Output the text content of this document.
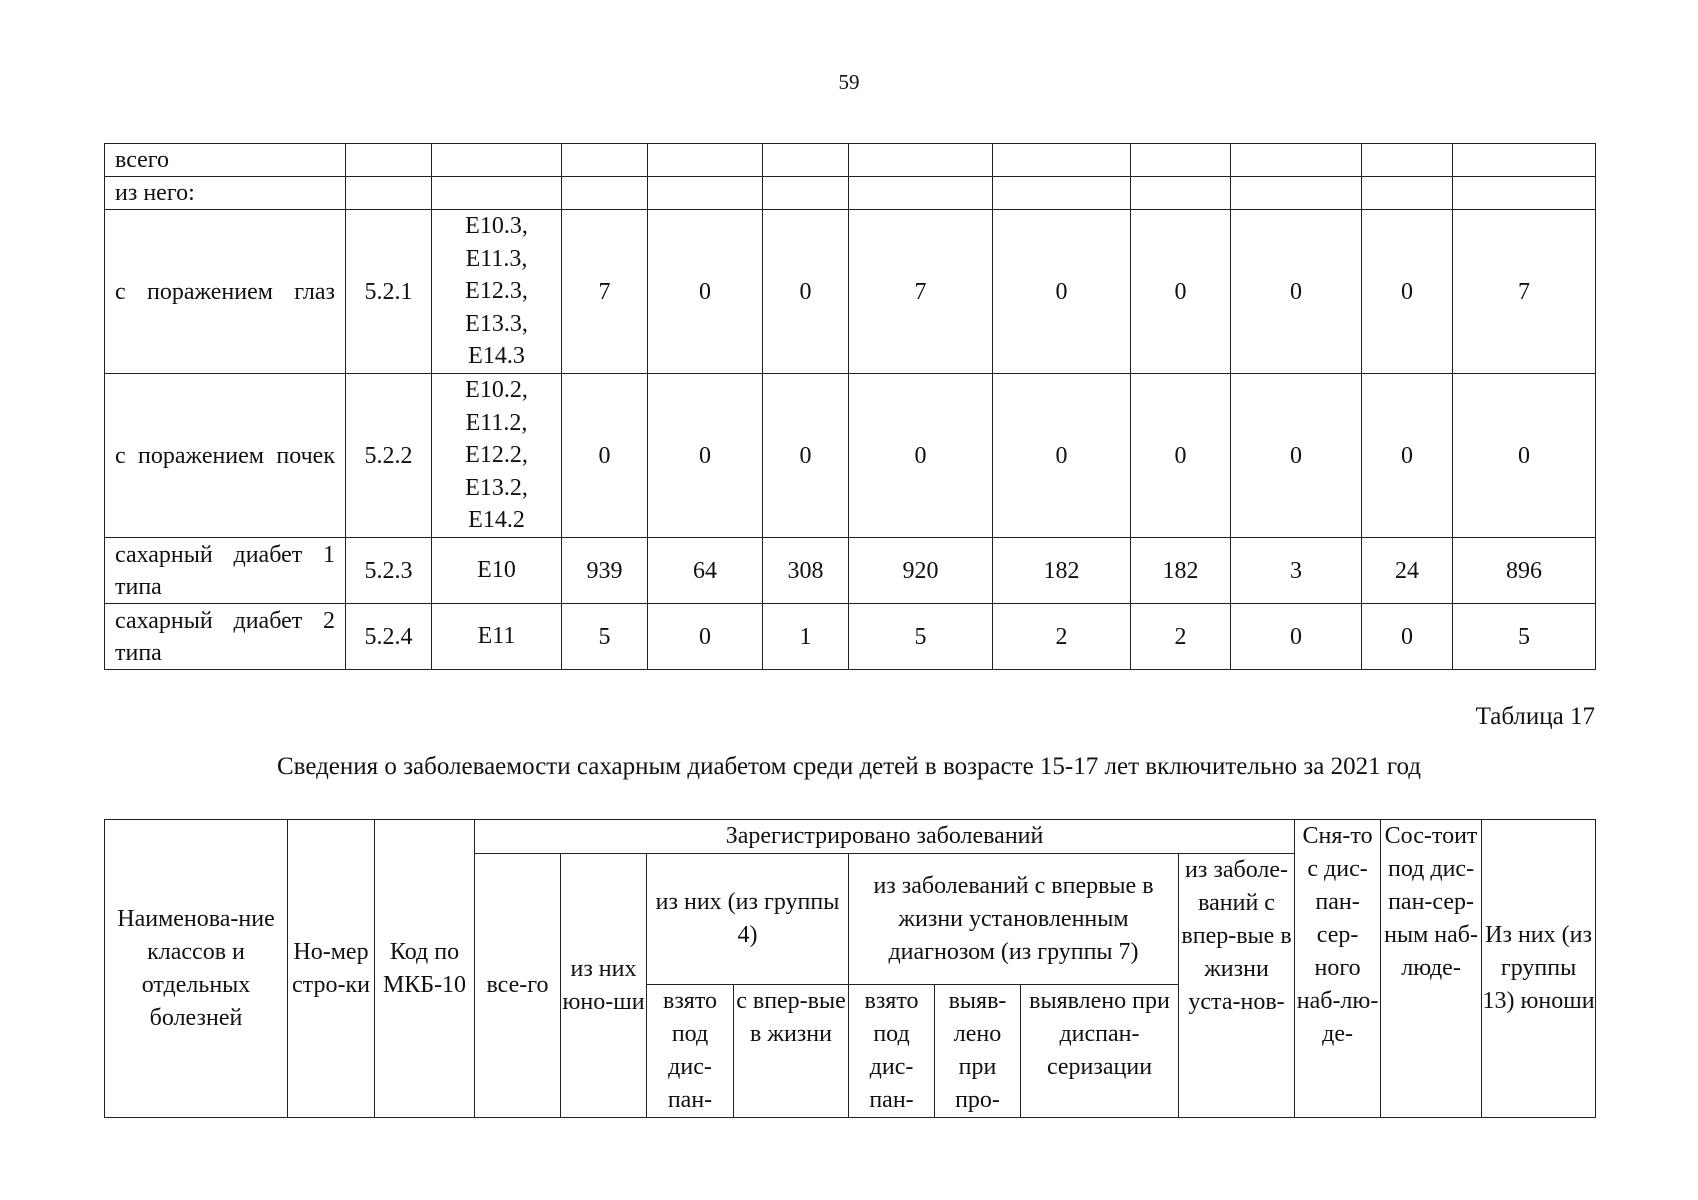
59
всего											
из него:											
с поражением глаз	5.2.1	E10.3,
E11.3,
E12.3,
E13.3,
E14.3	7	0	0	7	0	0	0	0	7
с поражением почек	5.2.2	E10.2,
E11.2,
E12.2,
E13.2,
E14.2	0	0	0	0	0	0	0	0	0
сахарный диабет 1 типа	5.2.3	E10	939	64	308	920	182	182	3	24	896
сахарный диабет 2 типа	5.2.4	E11	5	0	1	5	2	2	0	0	5
Таблица 17
Сведения о заболеваемости сахарным диабетом среди детей в возрасте 15-17 лет включительно за 2021 год
Наименова-ние классов и отдельных болезней	Но-мер стро-ки	Код по МКБ-10	Зарегистрировано заболеваний								Сня-то с дис-пан-сер-ного наб-лю-де-	Сос-тоит под дис-пан-сер-ным наб-люде-	Из них (из группы 13) юноши
			все-го	из них юно-ши	из них (из группы 4)		из заболеваний с впервые в жизни установленным диагнозом (из группы 7)			из заболе-ваний с впер-вые в жизни уста-нов-			
					взято под дис-пан-	с впер-вые в жизни	взято под дис-пан-	выяв-лено при про-	выявлено при диспан-серизации				
